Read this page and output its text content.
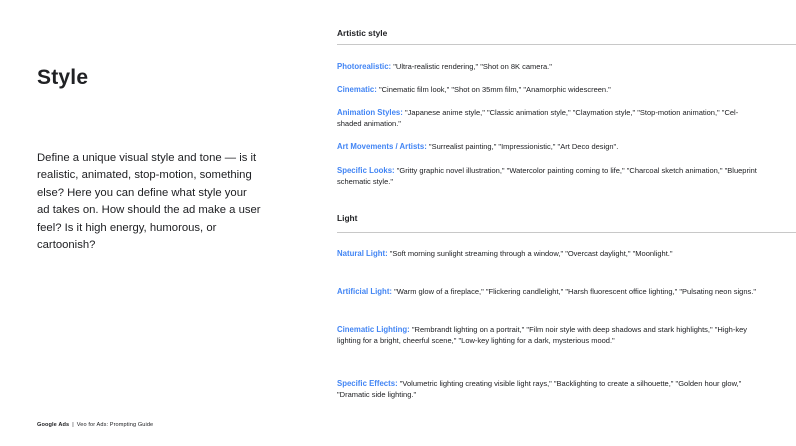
Style

Define a unique visual style and tone — is it realistic, animated, stop-motion, something else? Here you can define what style your ad takes on. How should the ad make a user feel? Is it high energy, humorous, or cartoonish?

Google Ads | Veo for Ads: Prompting Guide

Artistic style

Photorealistic: "Ultra-realistic rendering," "Shot on 8K camera."

Cinematic: "Cinematic film look," "Shot on 35mm film," "Anamorphic widescreen."

Animation Styles: "Japanese anime style," "Classic animation style," "Claymation style," "Stop-motion animation," "Cel-shaded animation."

Art Movements / Artists: "Surrealist painting," "Impressionistic," "Art Deco design".

Specific Looks: "Gritty graphic novel illustration," "Watercolor painting coming to life," "Charcoal sketch animation," "Blueprint schematic style."

Light

Natural Light: "Soft morning sunlight streaming through a window," "Overcast daylight," "Moonlight."

Artificial Light: "Warm glow of a fireplace," "Flickering candlelight," "Harsh fluorescent office lighting," "Pulsating neon signs."

Cinematic Lighting: "Rembrandt lighting on a portrait," "Film noir style with deep shadows and stark highlights," "High-key lighting for a bright, cheerful scene," "Low-key lighting for a dark, mysterious mood."

Specific Effects: "Volumetric lighting creating visible light rays," "Backlighting to create a silhouette," "Golden hour glow," "Dramatic side lighting."
